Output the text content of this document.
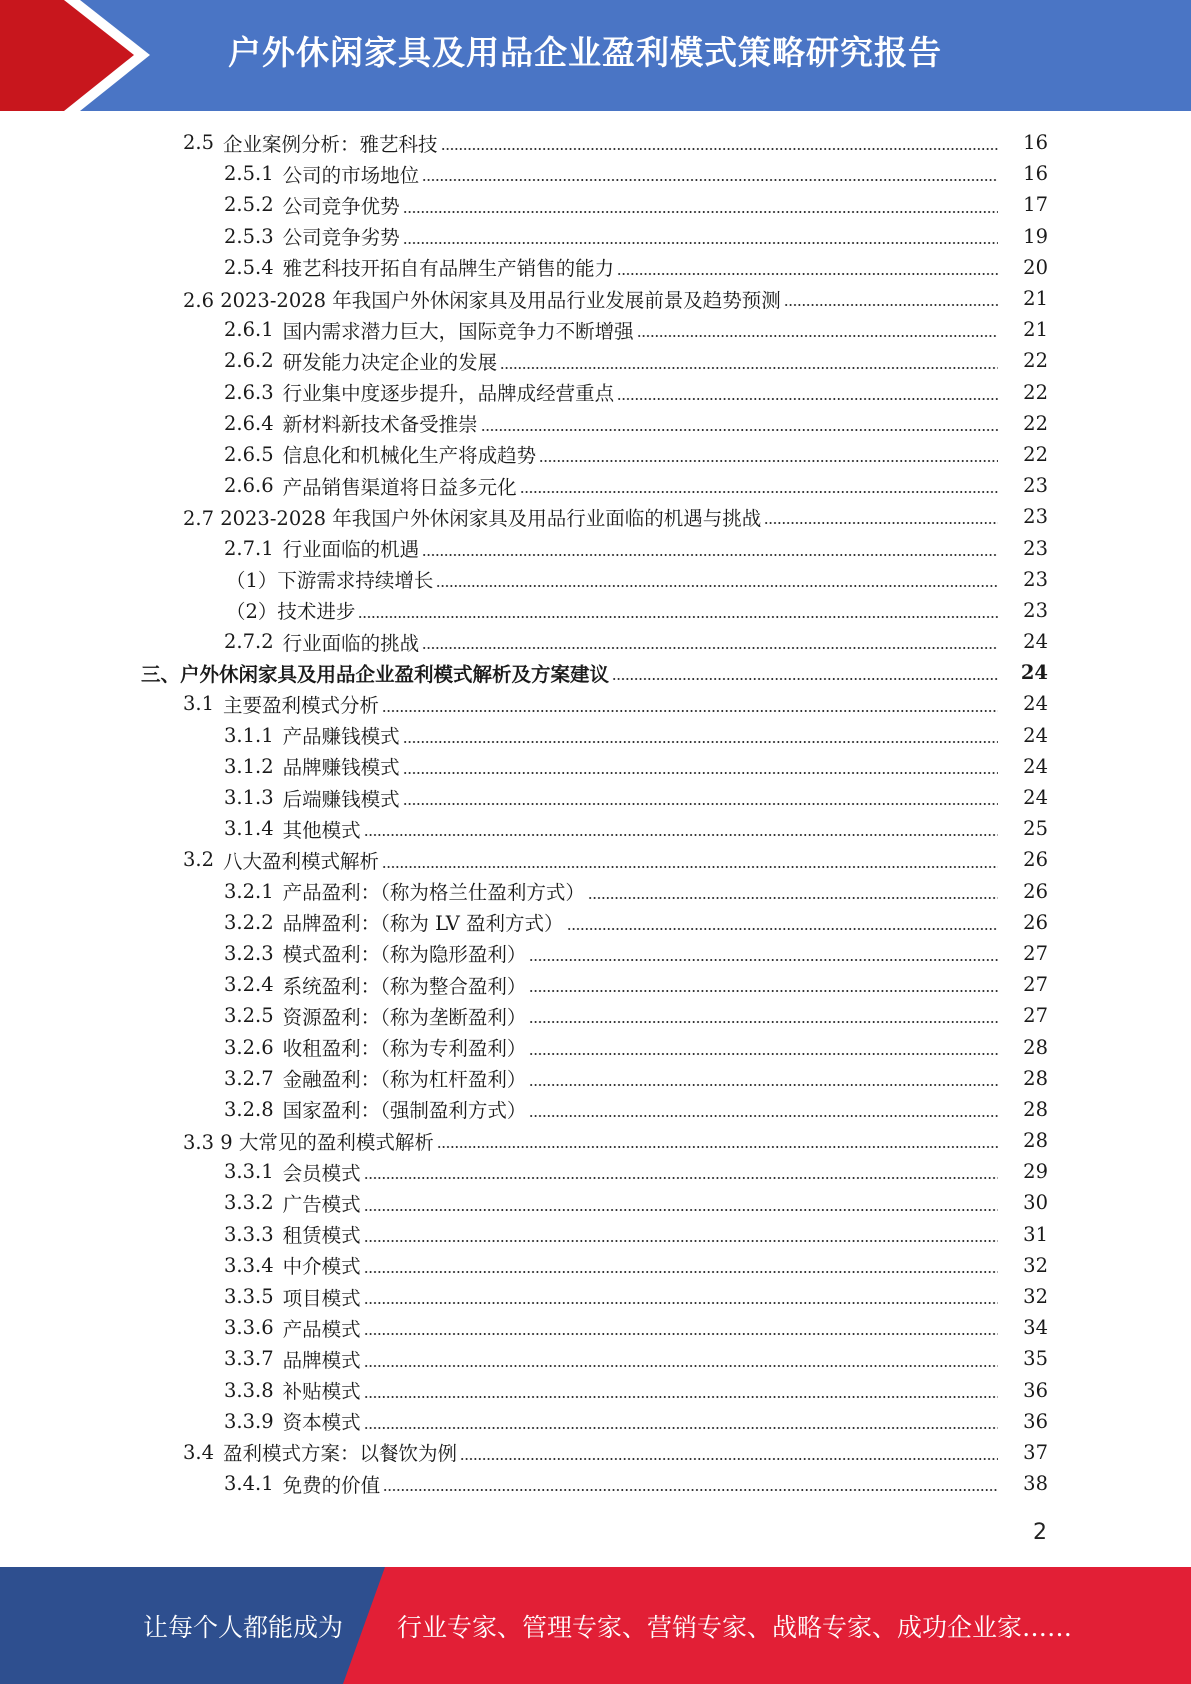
户外休闲家具及用品企业盈利模式策略研究报告
2.5 企业案例分析：雅艺科技	16
2.5.1 公司的市场地位	16
2.5.2 公司竞争优势	17
2.5.3 公司竞争劣势	19
2.5.4 雅艺科技开拓自有品牌生产销售的能力	20
2.6 2023-2028 年我国户外休闲家具及用品行业发展前景及趋势预测	21
2.6.1 国内需求潜力巨大，国际竞争力不断增强	21
2.6.2 研发能力决定企业的发展	22
2.6.3 行业集中度逐步提升，品牌成经营重点	22
2.6.4 新材料新技术备受推崇	22
2.6.5 信息化和机械化生产将成趋势	22
2.6.6 产品销售渠道将日益多元化	23
2.7 2023-2028 年我国户外休闲家具及用品行业面临的机遇与挑战	23
2.7.1 行业面临的机遇	23
（1）下游需求持续增长	23
（2）技术进步	23
2.7.2 行业面临的挑战	24
三、户外休闲家具及用品企业盈利模式解析及方案建议	24
3.1 主要盈利模式分析	24
3.1.1 产品赚钱模式	24
3.1.2 品牌赚钱模式	24
3.1.3 后端赚钱模式	24
3.1.4 其他模式	25
3.2 八大盈利模式解析	26
3.2.1 产品盈利：（称为格兰仕盈利方式）	26
3.2.2 品牌盈利：（称为 LV 盈利方式）	26
3.2.3 模式盈利：（称为隐形盈利）	27
3.2.4 系统盈利：（称为整合盈利）	27
3.2.5 资源盈利：（称为垄断盈利）	27
3.2.6 收租盈利：（称为专利盈利）	28
3.2.7 金融盈利：（称为杠杆盈利）	28
3.2.8 国家盈利：（强制盈利方式）	28
3.3 9 大常见的盈利模式解析	28
3.3.1 会员模式	29
3.3.2 广告模式	30
3.3.3 租赁模式	31
3.3.4 中介模式	32
3.3.5 项目模式	32
3.3.6 产品模式	34
3.3.7 品牌模式	35
3.3.8 补贴模式	36
3.3.9 资本模式	36
3.4 盈利模式方案：以餐饮为例	37
3.4.1 免费的价值	38
2
让每个人都能成为 行业专家、管理专家、营销专家、战略专家、成功企业家……
